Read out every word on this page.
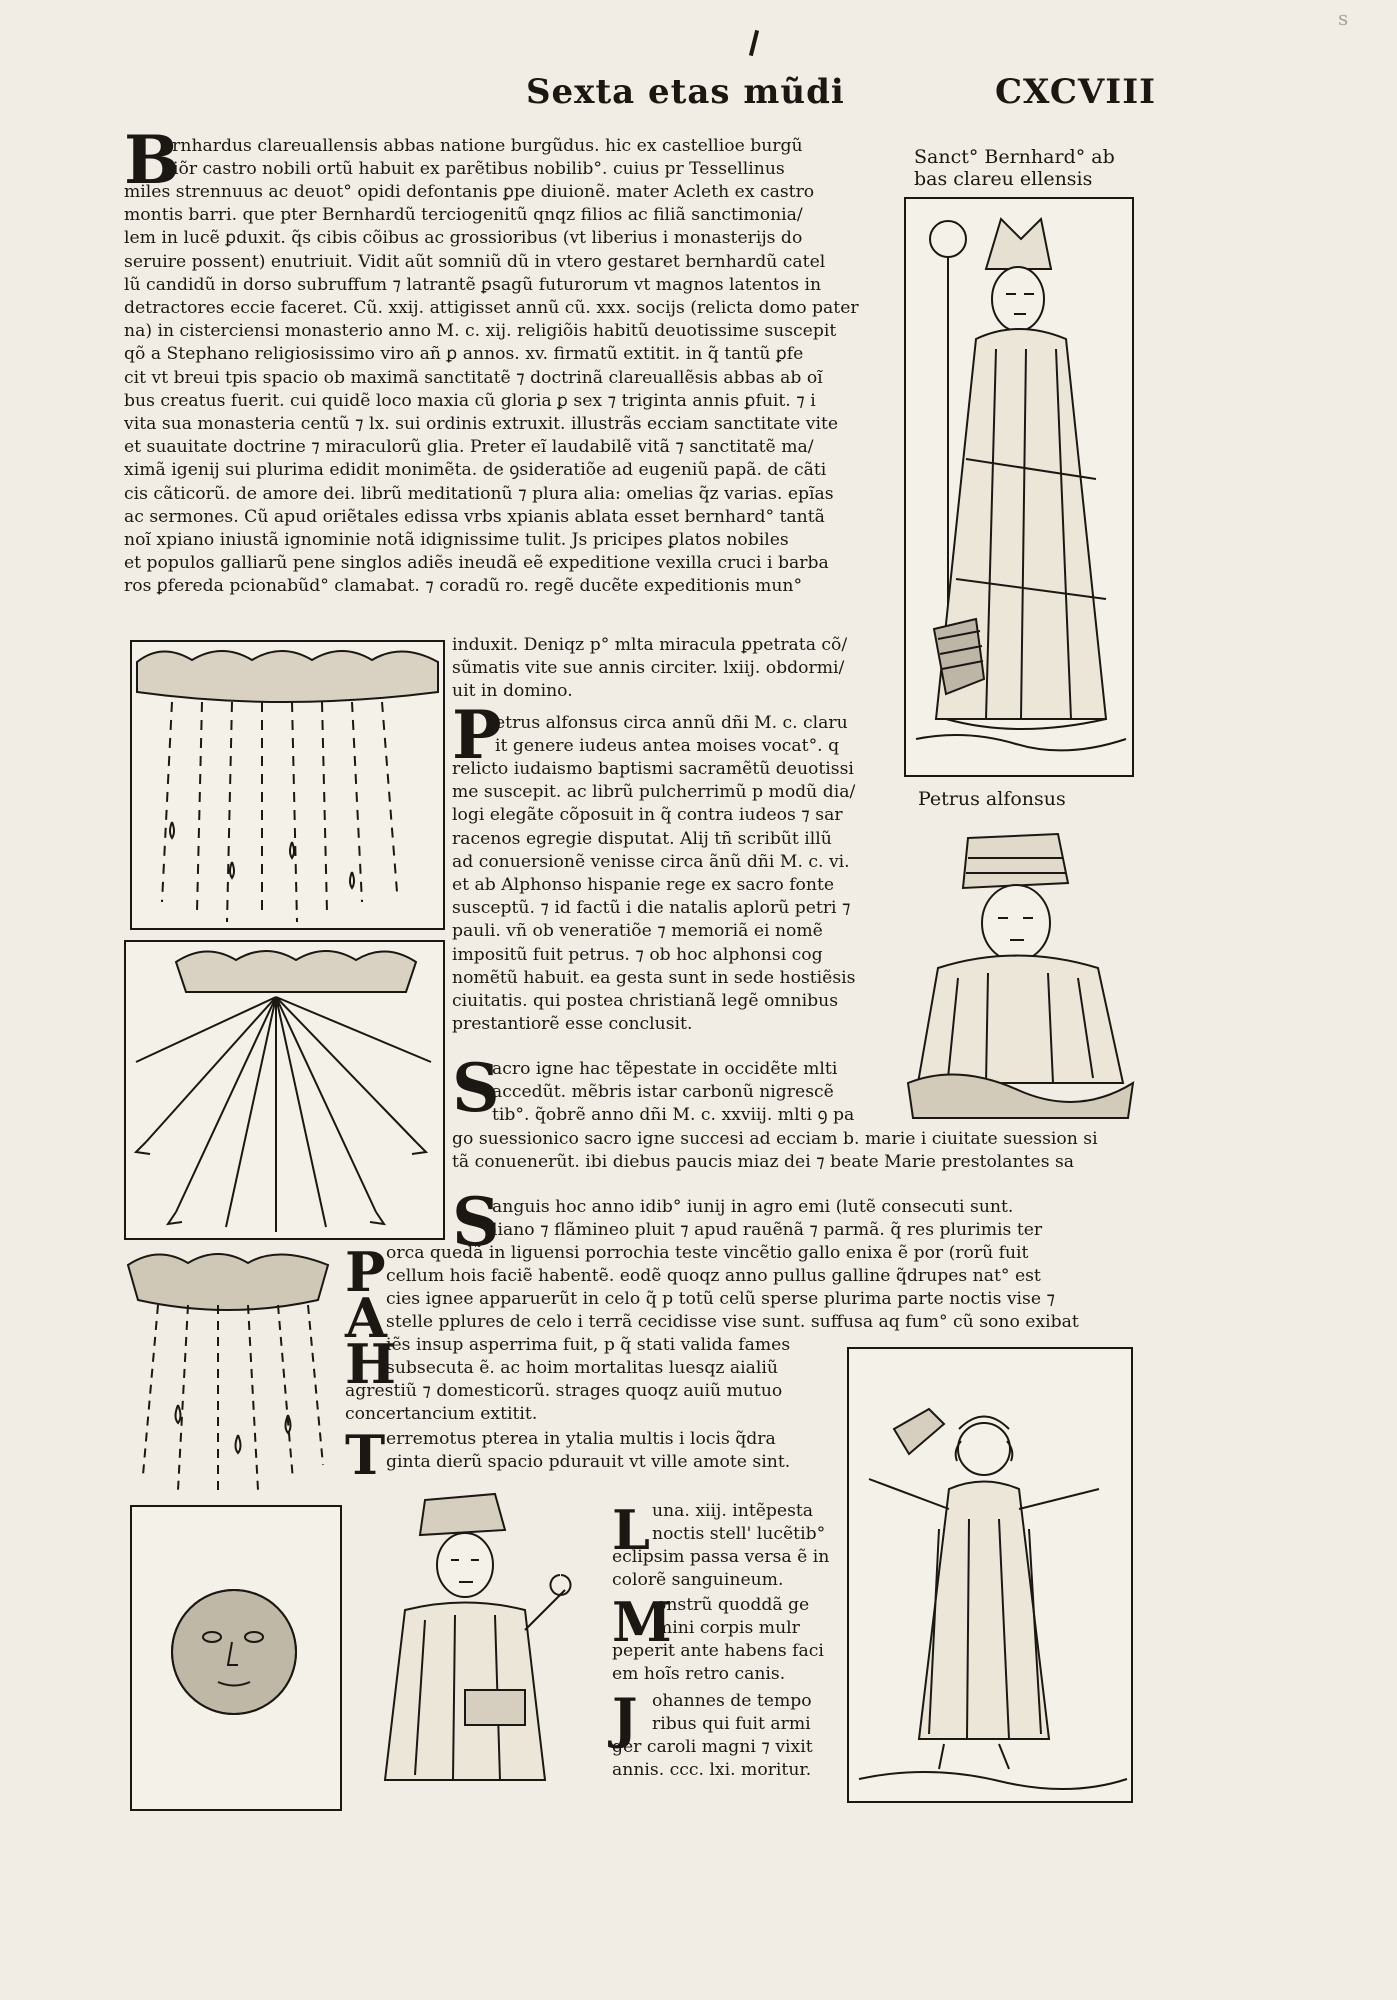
Sexta etas mũdi	CXCVIII
s
B
ernhardus clareuallensis abbas natione burgũdus. hic ex castellioe burgũ
diõr castro nobili ortũ habuit ex parẽtibus nobilib°. cuius pr Tessellinus
miles strennuus ac deuot° opidi defontanis ꝑpe diuionẽ. mater Acleth ex castro
montis barri. que pter Bernhardũ terciogenitũ qnqz filios ac filiã sanctimonia/
lem in lucẽ ꝑduxit. q̃s cibis cõibus ac grossioribus (vt liberius i monasterijs do
seruire possent) enutriuit. Vidit aũt somniũ dũ in vtero gestaret bernhardũ catel
lũ candidũ in dorso subruffum ⁊ latrantẽ ꝑsagũ futurorum vt magnos latentos in
detractores eccie faceret. Cũ. xxij. attigisset annũ cũ. xxx. socijs (relicta domo pater
na) in cisterciensi monasterio anno M. c. xij. religiõis habitũ deuotissime suscepit
qõ a Stephano religiosissimo viro añ ꝑ annos. xv. firmatũ extitit. in q̃ tantũ ꝑfe
cit vt breui tpis spacio ob maximã sanctitatẽ ⁊ doctrinã clareuallẽsis abbas ab oĩ
bus creatus fuerit. cui quidẽ loco maxia cũ gloria ꝑ sex ⁊ triginta annis ꝑfuit. ⁊ i
vita sua monasteria centũ ⁊ lx. sui ordinis extruxit. illustrãs ecciam sanctitate vite
et suauitate doctrine ⁊ miraculorũ glia. Preter eĩ laudabilẽ vitã ⁊ sanctitatẽ ma/
ximã igenij sui plurima edidit monimẽta. de ꝯsideratiõe ad eugeniũ papã. de cãti
cis cãticorũ. de amore dei. librũ meditationũ ⁊ plura alia: omelias q̃z varias. epĩas
ac sermones. Cũ apud oriẽtales edissa vrbs xpianis ablata esset bernhard° tantã
noĩ xpiano iniustã ignominie notã idignissime tulit. Js pricipes ꝑlatos nobiles
et populos galliarũ pene singlos adiẽs ineudã eẽ expeditione vexilla cruci i barba
ros ꝑfereda pcionabũd° clamabat. ⁊ coradũ ro. regẽ ducẽte expeditionis mun°
induxit. Deniqz p° mlta miracula ꝑpetrata cõ/
sũmatis vite sue annis circiter. lxiij. obdormi/
uit in domino.
Sanct° Bernhard° ab
bas clareu ellensis
P
etrus alfonsus circa annũ dñi M. c. claru
it genere iudeus antea moises vocat°. q
relicto iudaismo baptismi sacramẽtũ deuotissi
me suscepit. ac librũ pulcherrimũ p modũ dia/
logi elegãte cõposuit in q̃ contra iudeos ⁊ sar
racenos egregie disputat. Alij tñ scribũt illũ
ad conuersionẽ venisse circa ãnũ dñi M. c. vi.
et ab Alphonso hispanie rege ex sacro fonte
susceptũ. ⁊ id factũ i die natalis aplorũ petri ⁊
pauli. vñ ob veneratiõe ⁊ memoriã ei nomẽ
impositũ fuit petrus. ⁊ ob hoc alphonsi cog
nomẽtũ habuit. ea gesta sunt in sede hostiẽsis
ciuitatis. qui postea christianã legẽ omnibus
prestantiorẽ esse conclusit.
Petrus alfonsus
S
acro igne hac tẽpestate in occidẽte mlti
accedũt. mẽbris istar carbonũ nigrescẽ
tib°. q̃obrẽ anno dñi M. c. xxviij. mlti ꝯ pa
go suessionico sacro igne succesi ad ecciam b. marie i ciuitate suession si
tã conuenerũt. ibi diebus paucis miaz dei ⁊ beate Marie prestolantes sa
S
anguis hoc anno idib° iunij in agro emi (lutẽ consecuti sunt.
liano ⁊ flãmineo pluit ⁊ apud rauẽnã ⁊ parmã. q̃ res plurimis ter
P orca quedã in liguensi porrochia teste vincẽtio gallo enixa ẽ por (rorũ fuit
cellum hois faciẽ habentẽ. eodẽ quoqz anno pullus galline q̃drupes nat° est
A cies ignee apparuerũt in celo q̃ p totũ celũ sperse plurima parte noctis vise ⁊
stelle pplures de celo i terrã cecidisse vise sunt. suffusa aq fum° cũ sono exibat
H
iẽs insup asperrima fuit, p q̃ stati valida fames
subsecuta ẽ. ac hoim mortalitas luesqz aialiũ
agrestiũ ⁊ domesticorũ. strages quoqz auiũ mutuo
concertancium extitit.
T erremotus pterea in ytalia multis i locis q̃dra
ginta dierũ spacio pdurauit vt ville amote sint.
L una. xiij. intẽpesta
noctis stell' lucẽtib°
eclipsim passa versa ẽ in
colorẽ sanguineum.
M
onstrũ quoddã ge
mini corpis mulr
peperit ante habens faci
em hoĩs retro canis.
J ohannes de tempo
ribus qui fuit armi
ger caroli magni ⁊ vixit
annis. ccc. lxi. moritur.
